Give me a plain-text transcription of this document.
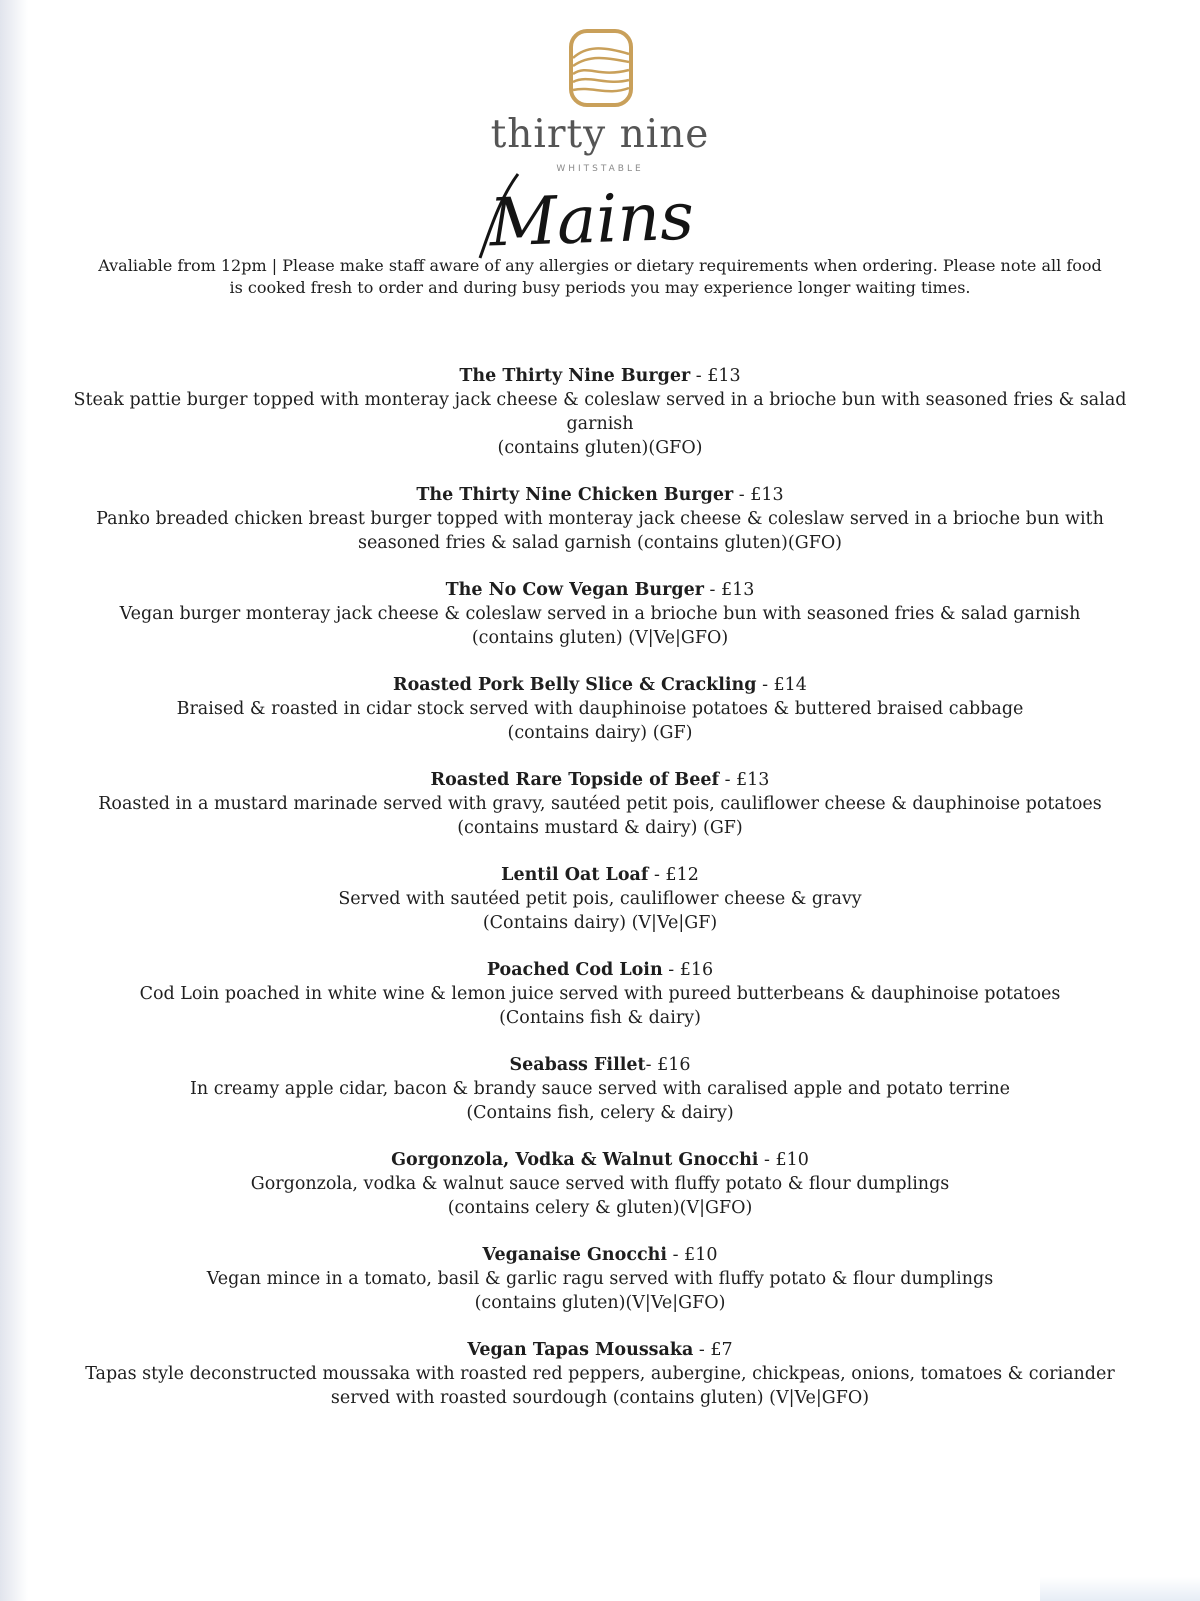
thirty nine
WHITSTABLE
Mains
Avaliable from 12pm | Please make staff aware of any allergies or dietary requirements when ordering. Please note all food is cooked fresh to order and during busy periods you may experience longer waiting times.
The Thirty Nine Burger - £13
Steak pattie burger topped with monteray jack cheese & coleslaw served in a brioche bun with seasoned fries & salad garnish
(contains gluten)(GFO)
The Thirty Nine Chicken Burger - £13
Panko breaded chicken breast burger topped with monteray jack cheese & coleslaw served in a brioche bun with seasoned fries & salad garnish (contains gluten)(GFO)
The No Cow Vegan Burger - £13
Vegan burger monteray jack cheese & coleslaw served in a brioche bun with seasoned fries & salad garnish
(contains gluten) (V|Ve|GFO)
Roasted Pork Belly Slice & Crackling - £14
Braised & roasted in cidar stock served with dauphinoise potatoes & buttered braised cabbage
(contains dairy) (GF)
Roasted Rare Topside of Beef - £13
Roasted in a mustard marinade served with gravy, sautéed petit pois, cauliflower cheese & dauphinoise potatoes
(contains mustard & dairy) (GF)
Lentil Oat Loaf - £12
Served with sautéed petit pois, cauliflower cheese & gravy
(Contains dairy) (V|Ve|GF)
Poached Cod Loin - £16
Cod Loin poached in white wine & lemon juice served with pureed butterbeans & dauphinoise potatoes
(Contains fish & dairy)
Seabass Fillet- £16
In creamy apple cidar, bacon & brandy sauce served with caralised apple and potato terrine
(Contains fish, celery & dairy)
Gorgonzola, Vodka & Walnut Gnocchi - £10
Gorgonzola, vodka & walnut sauce served with fluffy potato & flour dumplings
(contains celery & gluten)(V|GFO)
Veganaise Gnocchi - £10
Vegan mince in a tomato, basil & garlic ragu served with fluffy potato & flour dumplings
(contains gluten)(V|Ve|GFO)
Vegan Tapas Moussaka - £7
Tapas style deconstructed moussaka with roasted red peppers, aubergine, chickpeas, onions, tomatoes & coriander served with roasted sourdough (contains gluten) (V|Ve|GFO)
